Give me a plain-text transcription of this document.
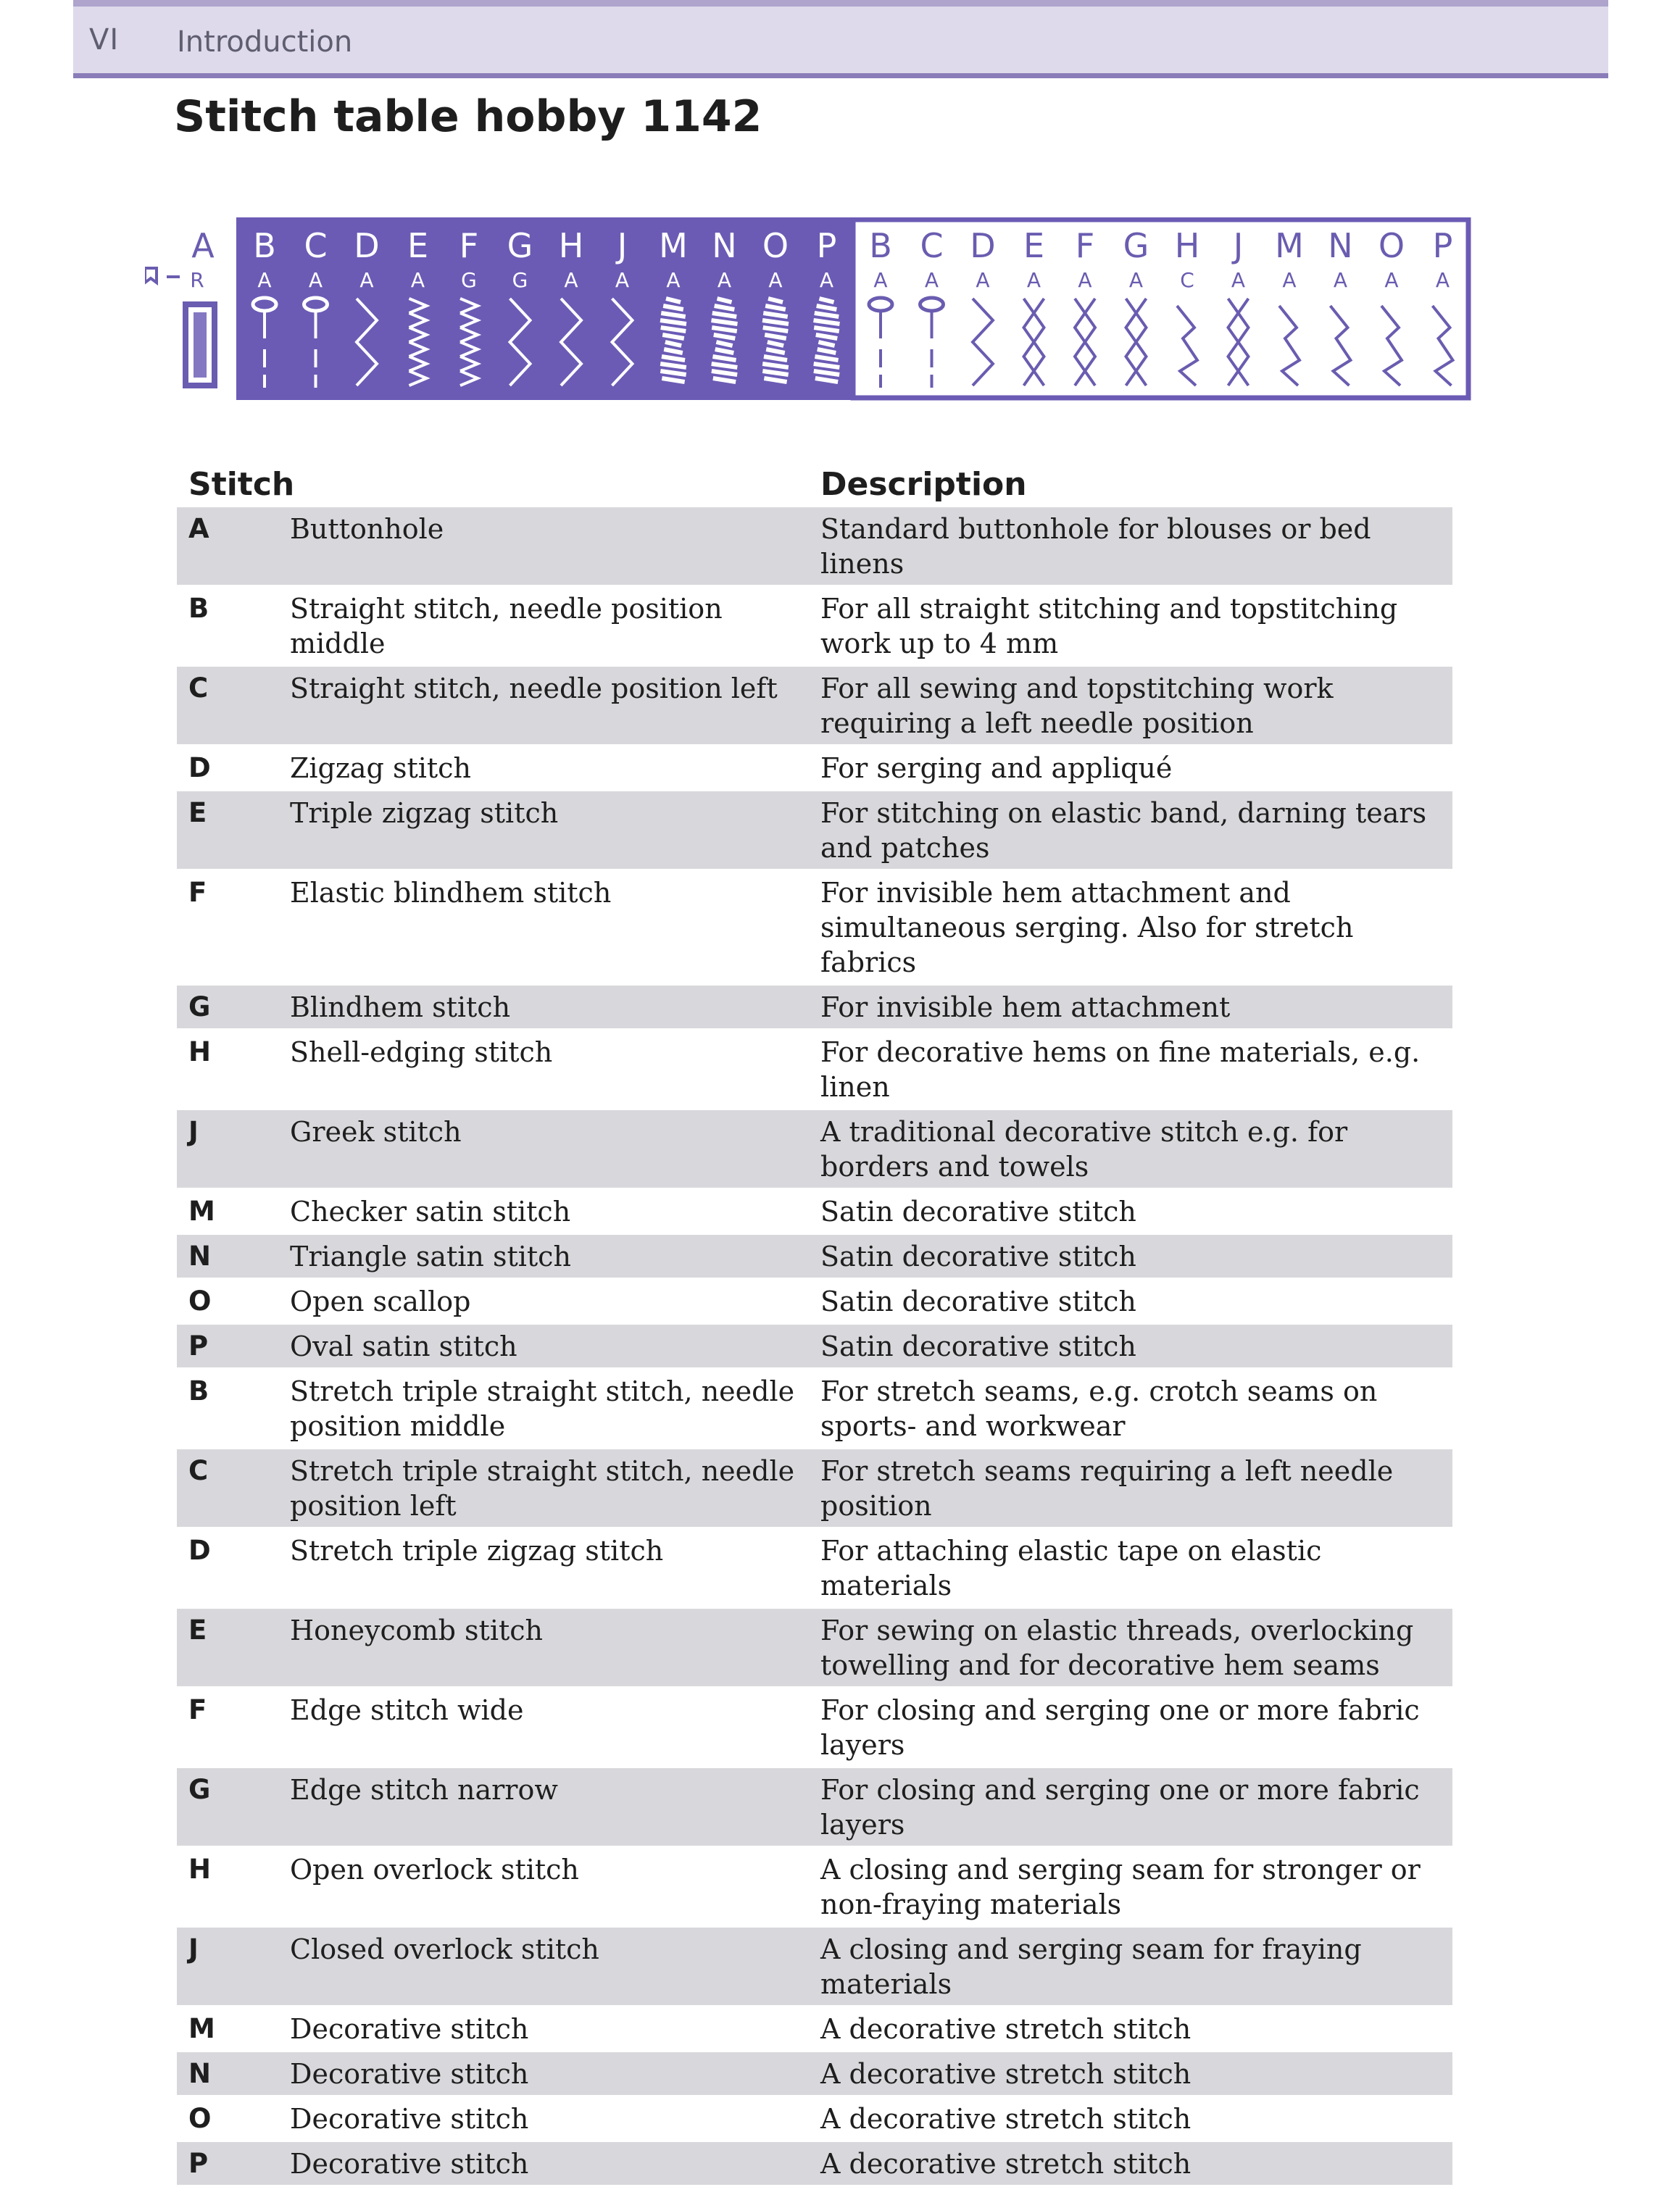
VI Introduction
Stitch table hobby 1142
A
R
B
A
C
A
D
A
E
A
F
G
G
G
H
A
J
A
M
A
N
A
O
A
P
A
B
A
C
A
D
A
E
A
F
A
G
A
H
C
J
A
M
A
N
A
O
A
P
A
Stitch		Description
A	Buttonhole	Standard buttonhole for blouses or bed linens
B	Straight stitch, needle position middle	For all straight stitching and topstitching work up to 4 mm
C	Straight stitch, needle position left	For all sewing and topstitching work requiring a left needle position
D	Zigzag stitch	For serging and appliqué
E	Triple zigzag stitch	For stitching on elastic band, darning tears and patches
F	Elastic blindhem stitch	For invisible hem attachment and simultaneous serging. Also for stretch fabrics
G	Blindhem stitch	For invisible hem attachment
H	Shell-edging stitch	For decorative hems on fine materials, e.g. linen
J	Greek stitch	A traditional decorative stitch e.g. for borders and towels
M	Checker satin stitch	Satin decorative stitch
N	Triangle satin stitch	Satin decorative stitch
O	Open scallop	Satin decorative stitch
P	Oval satin stitch	Satin decorative stitch
B	Stretch triple straight stitch, needle position middle	For stretch seams, e.g. crotch seams on sports- and workwear
C	Stretch triple straight stitch, needle position left	For stretch seams requiring a left needle position
D	Stretch triple zigzag stitch	For attaching elastic tape on elastic materials
E	Honeycomb stitch	For sewing on elastic threads, overlocking towelling and for decorative hem seams
F	Edge stitch wide	For closing and serging one or more fabric layers
G	Edge stitch narrow	For closing and serging one or more fabric layers
H	Open overlock stitch	A closing and serging seam for stronger or non-fraying materials
J	Closed overlock stitch	A closing and serging seam for fraying materials
M	Decorative stitch	A decorative stretch stitch
N	Decorative stitch	A decorative stretch stitch
O	Decorative stitch	A decorative stretch stitch
P	Decorative stitch	A decorative stretch stitch
